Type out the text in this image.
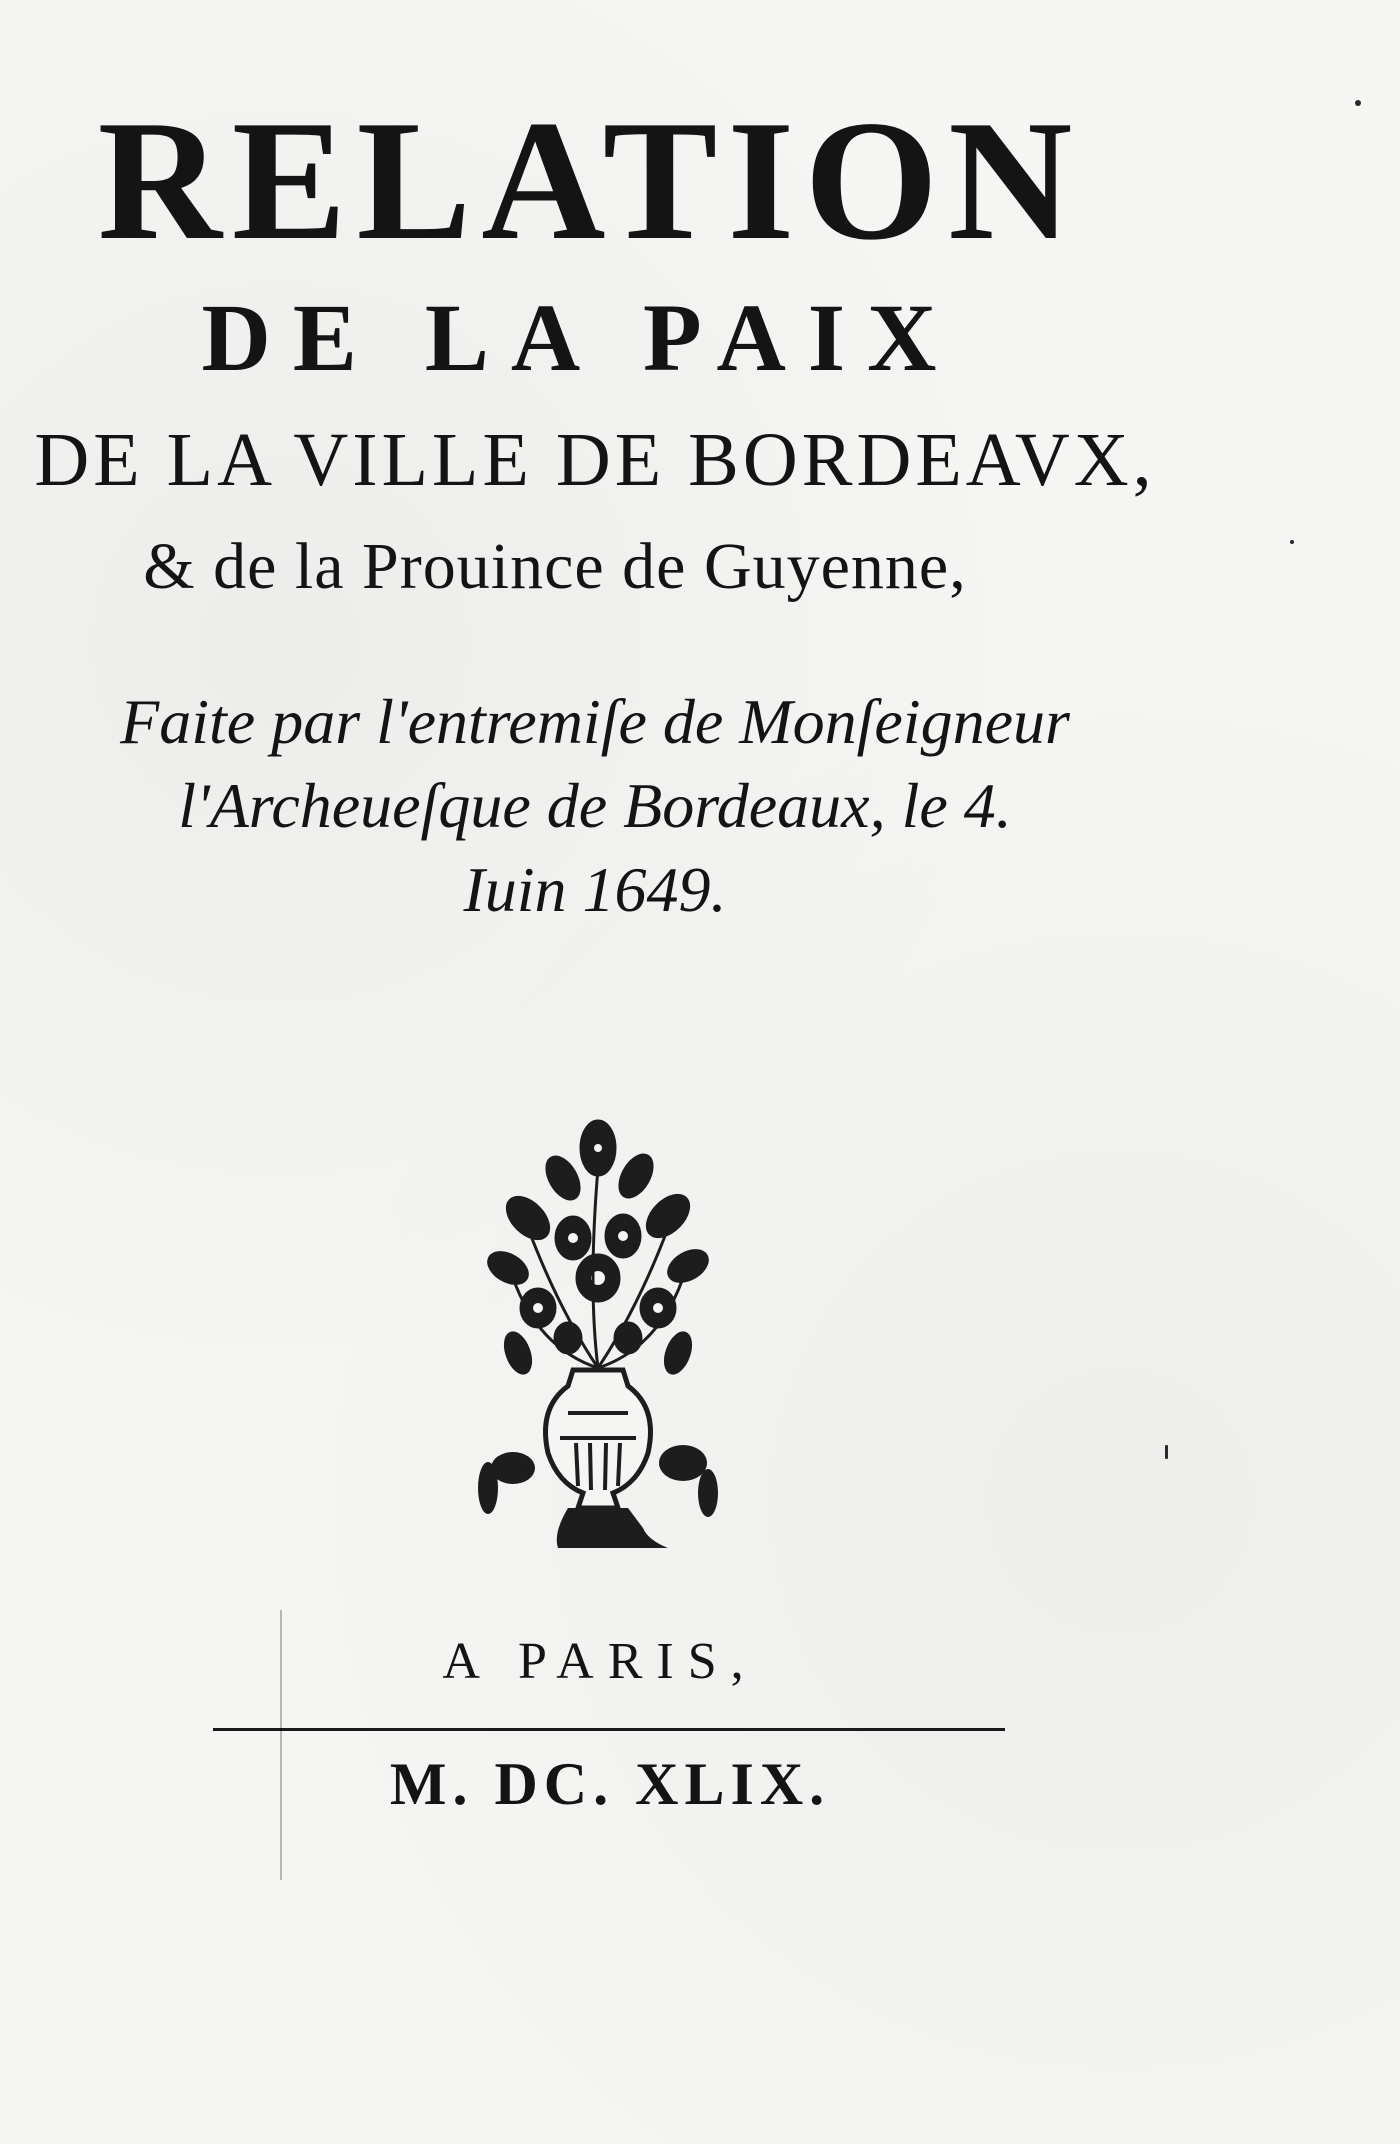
RELATION
DE LA PAIX
DE LA VILLE DE BORDEAVX,
& de la Prouince de Guyenne,
Faite par l'entremiſe de Monſeigneur
l'Archeueſque de Bordeaux, le 4.
Iuin 1649.
A PARIS,
M. DC. XLIX.
